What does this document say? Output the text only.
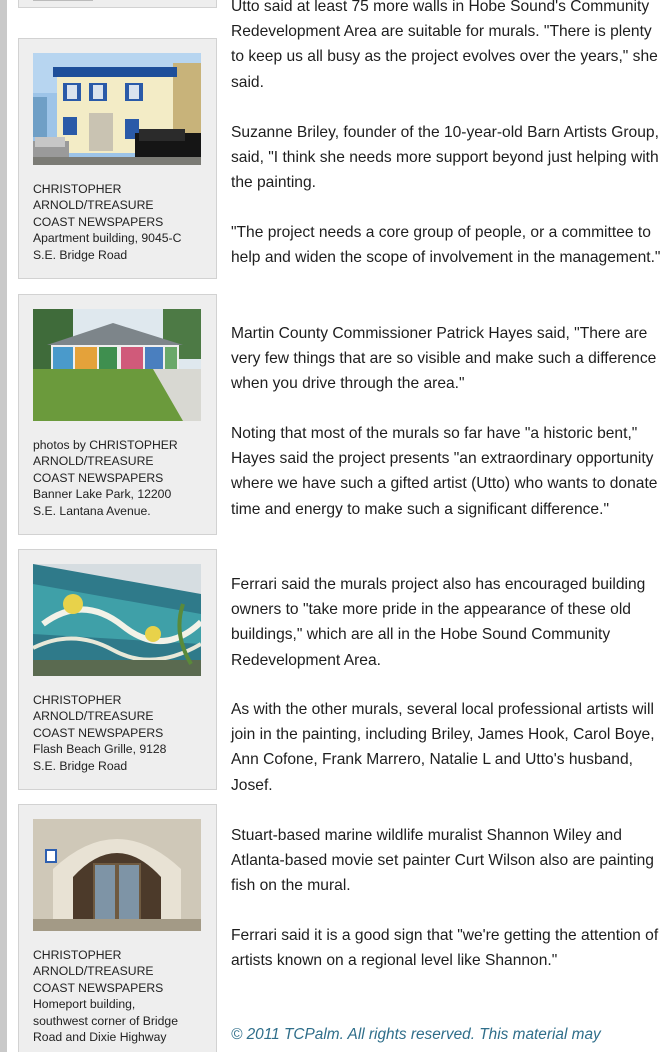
CHRISTOPHER
ARNOLD/TREASURE
COAST NEWSPAPERS
Apartment building, 9045-C
S.E. Bridge Road
photos by CHRISTOPHER
ARNOLD/TREASURE
COAST NEWSPAPERS
Banner Lake Park, 12200
S.E. Lantana Avenue.
CHRISTOPHER
ARNOLD/TREASURE
COAST NEWSPAPERS
Flash Beach Grille, 9128
S.E. Bridge Road
CHRISTOPHER
ARNOLD/TREASURE
COAST NEWSPAPERS
Homeport building,
southwest corner of Bridge
Road and Dixie Highway

Utto said at least 75 more walls in Hobe Sound's Community Redevelopment Area are suitable for murals. "There is plenty to keep us all busy as the project evolves over the years," she said.

Suzanne Briley, founder of the 10-year-old Barn Artists Group, said, "I think she needs more support beyond just helping with the painting.

"The project needs a core group of people, or a committee to help and widen the scope of involvement in the management."

Martin County Commissioner Patrick Hayes said, "There are very few things that are so visible and make such a difference when you drive through the area."

Noting that most of the murals so far have "a historic bent," Hayes said the project presents "an extraordinary opportunity where we have such a gifted artist (Utto) who wants to donate time and energy to make such a significant difference."

Ferrari said the murals project also has encouraged building owners to "take more pride in the appearance of these old buildings," which are all in the Hobe Sound Community Redevelopment Area.

As with the other murals, several local professional artists will join in the painting, including Briley, James Hook, Carol Boye, Ann Cofone, Frank Marrero, Natalie L and Utto's husband, Josef.

Stuart-based marine wildlife muralist Shannon Wiley and Atlanta-based movie set painter Curt Wilson also are painting fish on the mural.

Ferrari said it is a good sign that "we're getting the attention of artists known on a regional level like Shannon."

© 2011 TCPalm. All rights reserved. This material may
